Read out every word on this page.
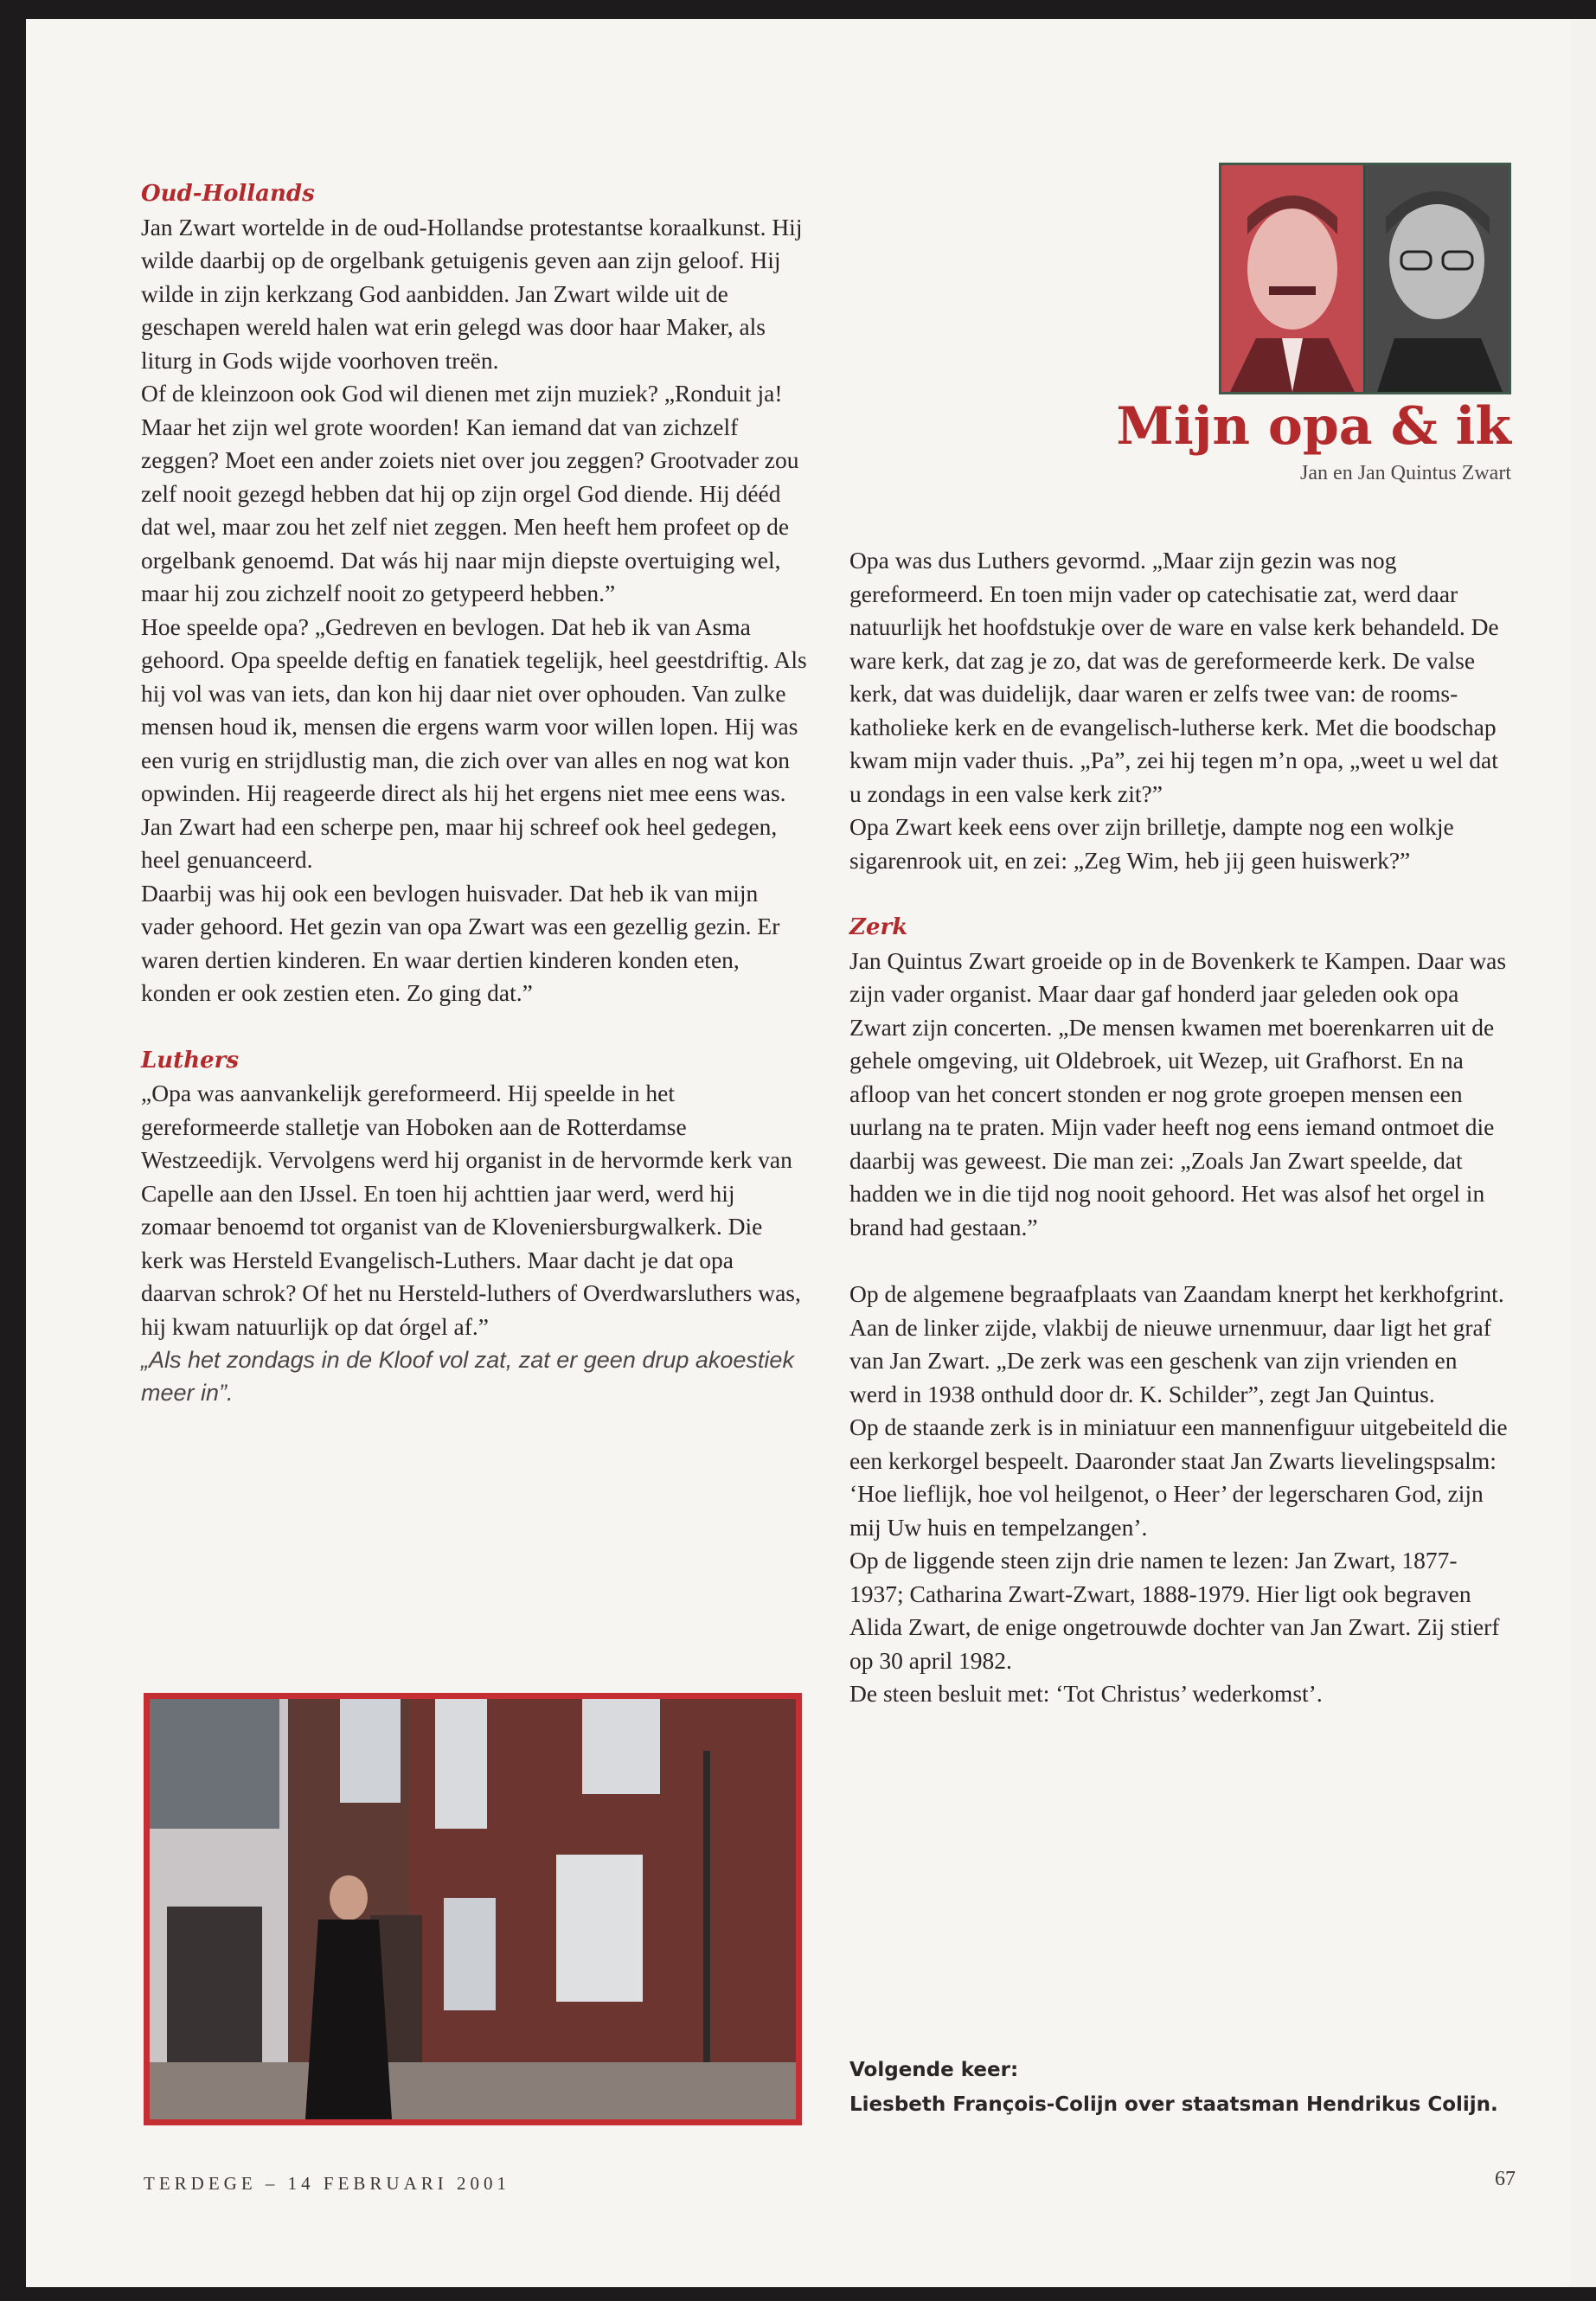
Oud-Hollands

Jan Zwart wortelde in de oud-Hollandse protestantse koraalkunst. Hij wilde daarbij op de orgelbank getuigenis geven aan zijn geloof. Hij wilde in zijn kerkzang God aanbidden. Jan Zwart wilde uit de geschapen wereld halen wat erin gelegd was door haar Maker, als liturg in Gods wijde voorhoven treën.

Of de kleinzoon ook God wil dienen met zijn muziek? „Ronduit ja! Maar het zijn wel grote woorden! Kan iemand dat van zichzelf zeggen? Moet een ander zoiets niet over jou zeggen? Grootvader zou zelf nooit gezegd hebben dat hij op zijn orgel God diende. Hij dééd dat wel, maar zou het zelf niet zeggen. Men heeft hem profeet op de orgelbank genoemd. Dat wás hij naar mijn diepste overtuiging wel, maar hij zou zichzelf nooit zo getypeerd hebben.”

Hoe speelde opa? „Gedreven en bevlogen. Dat heb ik van Asma gehoord. Opa speelde deftig en fanatiek tegelijk, heel geestdriftig. Als hij vol was van iets, dan kon hij daar niet over ophouden. Van zulke mensen houd ik, mensen die ergens warm voor willen lopen. Hij was een vurig en strijdlustig man, die zich over van alles en nog wat kon opwinden. Hij reageerde direct als hij het ergens niet mee eens was. Jan Zwart had een scherpe pen, maar hij schreef ook heel gedegen, heel genuanceerd.

Daarbij was hij ook een bevlogen huisvader. Dat heb ik van mijn vader gehoord. Het gezin van opa Zwart was een gezellig gezin. Er waren dertien kinderen. En waar dertien kinderen konden eten, konden er ook zestien eten. Zo ging dat.”

Luthers

„Opa was aanvankelijk gereformeerd. Hij speelde in het gereformeerde stalletje van Hoboken aan de Rotterdamse Westzeedijk. Vervolgens werd hij organist in de hervormde kerk van Capelle aan den IJssel. En toen hij achttien jaar werd, werd hij zomaar benoemd tot organist van de Kloveniersburgwalkerk. Die kerk was Hersteld Evangelisch-Luthers. Maar dacht je dat opa daarvan schrok? Of het nu Hersteld-luthers of Overdwarsluthers was, hij kwam natuurlijk op dat órgel af.”

„Als het zondags in de Kloof vol zat, zat er geen drup akoestiek meer in”.

Mijn opa & ik
Jan en Jan Quintus Zwart

Opa was dus Luthers gevormd. „Maar zijn gezin was nog gereformeerd. En toen mijn vader op catechisatie zat, werd daar natuurlijk het hoofdstukje over de ware en valse kerk behandeld. De ware kerk, dat zag je zo, dat was de gereformeerde kerk. De valse kerk, dat was duidelijk, daar waren er zelfs twee van: de rooms-katholieke kerk en de evangelisch-lutherse kerk. Met die boodschap kwam mijn vader thuis. „Pa”, zei hij tegen m’n opa, „weet u wel dat u zondags in een valse kerk zit?”

Opa Zwart keek eens over zijn brilletje, dampte nog een wolkje sigarenrook uit, en zei: „Zeg Wim, heb jij geen huiswerk?”

Zerk

Jan Quintus Zwart groeide op in de Bovenkerk te Kampen. Daar was zijn vader organist. Maar daar gaf honderd jaar geleden ook opa Zwart zijn concerten. „De mensen kwamen met boerenkarren uit de gehele omgeving, uit Oldebroek, uit Wezep, uit Grafhorst. En na afloop van het concert stonden er nog grote groepen mensen een uurlang na te praten. Mijn vader heeft nog eens iemand ontmoet die daarbij was geweest. Die man zei: „Zoals Jan Zwart speelde, dat hadden we in die tijd nog nooit gehoord. Het was alsof het orgel in brand had gestaan.”

Op de algemene begraafplaats van Zaandam knerpt het kerkhofgrint. Aan de linker zijde, vlakbij de nieuwe urnenmuur, daar ligt het graf van Jan Zwart. „De zerk was een geschenk van zijn vrienden en werd in 1938 onthuld door dr. K. Schilder”, zegt Jan Quintus.

Op de staande zerk is in miniatuur een mannenfiguur uitgebeiteld die een kerkorgel bespeelt. Daaronder staat Jan Zwarts lievelingspsalm: ‘Hoe lieflijk, hoe vol heilgenot, o Heer’ der legerscharen God, zijn mij Uw huis en tempelzangen’.

Op de liggende steen zijn drie namen te lezen: Jan Zwart, 1877-1937; Catharina Zwart-Zwart, 1888-1979. Hier ligt ook begraven Alida Zwart, de enige ongetrouwde dochter van Jan Zwart. Zij stierf op 30 april 1982.

De steen besluit met: ‘Tot Christus’ wederkomst’.

Volgende keer:
Liesbeth François-Colijn over staatsman Hendrikus Colijn.
TERDEGE – 14 FEBRUARI 2001	67
